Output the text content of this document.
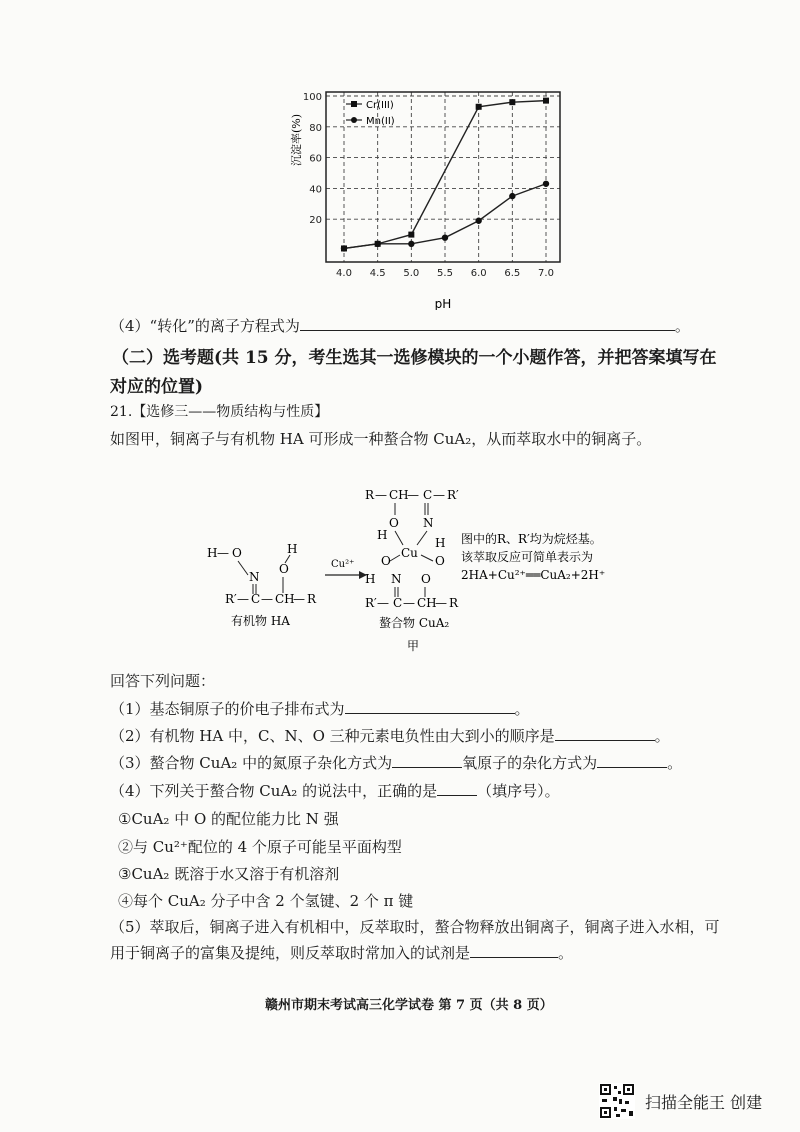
4.0 4.5 5.0 5.5 6.0 6.5 7.0
20
40
60
80
100
pH
沉淀率(%)
Cr(III)
Mn(II)
（4）“转化”的离子方程式为	。
（二）选考题(共 15 分，考生选其一选修模块的一个小题作答，并把答案填写在
对应的位置)
21.【选修三——物质结构与性质】
如图甲，铜离子与有机物 HA 可形成一种螯合物 CuA₂，从而萃取水中的铜离子。
H — O	H
O
N
R′ — C — CH
— R
有机物 HA
Cu²⁺
R — CH
— C — R′
O N
H
Cu
O	O
H
H N O
R′ — C — CH
— R
螯合物 CuA₂
甲
图中的R、R′均为烷烃基。
该萃取反应可简单表示为
2HA+Cu²⁺══CuA₂+2H⁺
回答下列问题：
（1）基态铜原子的价电子排布式为	。
（2）有机物 HA 中，C、N、O 三种元素电负性由大到小的顺序是	。
（3）螯合物 CuA₂ 中的氮原子杂化方式为	氧原子的杂化方式为	。
（4）下列关于螯合物 CuA₂ 的说法中，正确的是	（填序号）。
①CuA₂ 中 O 的配位能力比 N 强
②与 Cu²⁺配位的 4 个原子可能呈平面构型
③CuA₂ 既溶于水又溶于有机溶剂
④每个 CuA₂ 分子中含 2 个氢键、2 个 π 键
（5）萃取后，铜离子进入有机相中，反萃取时，螯合物释放出铜离子，铜离子进入水相，可
用于铜离子的富集及提纯，则反萃取时常加入的试剂是	。
赣州市期末考试高三化学试卷 第 7 页（共 8 页）
扫描全能王 创建
